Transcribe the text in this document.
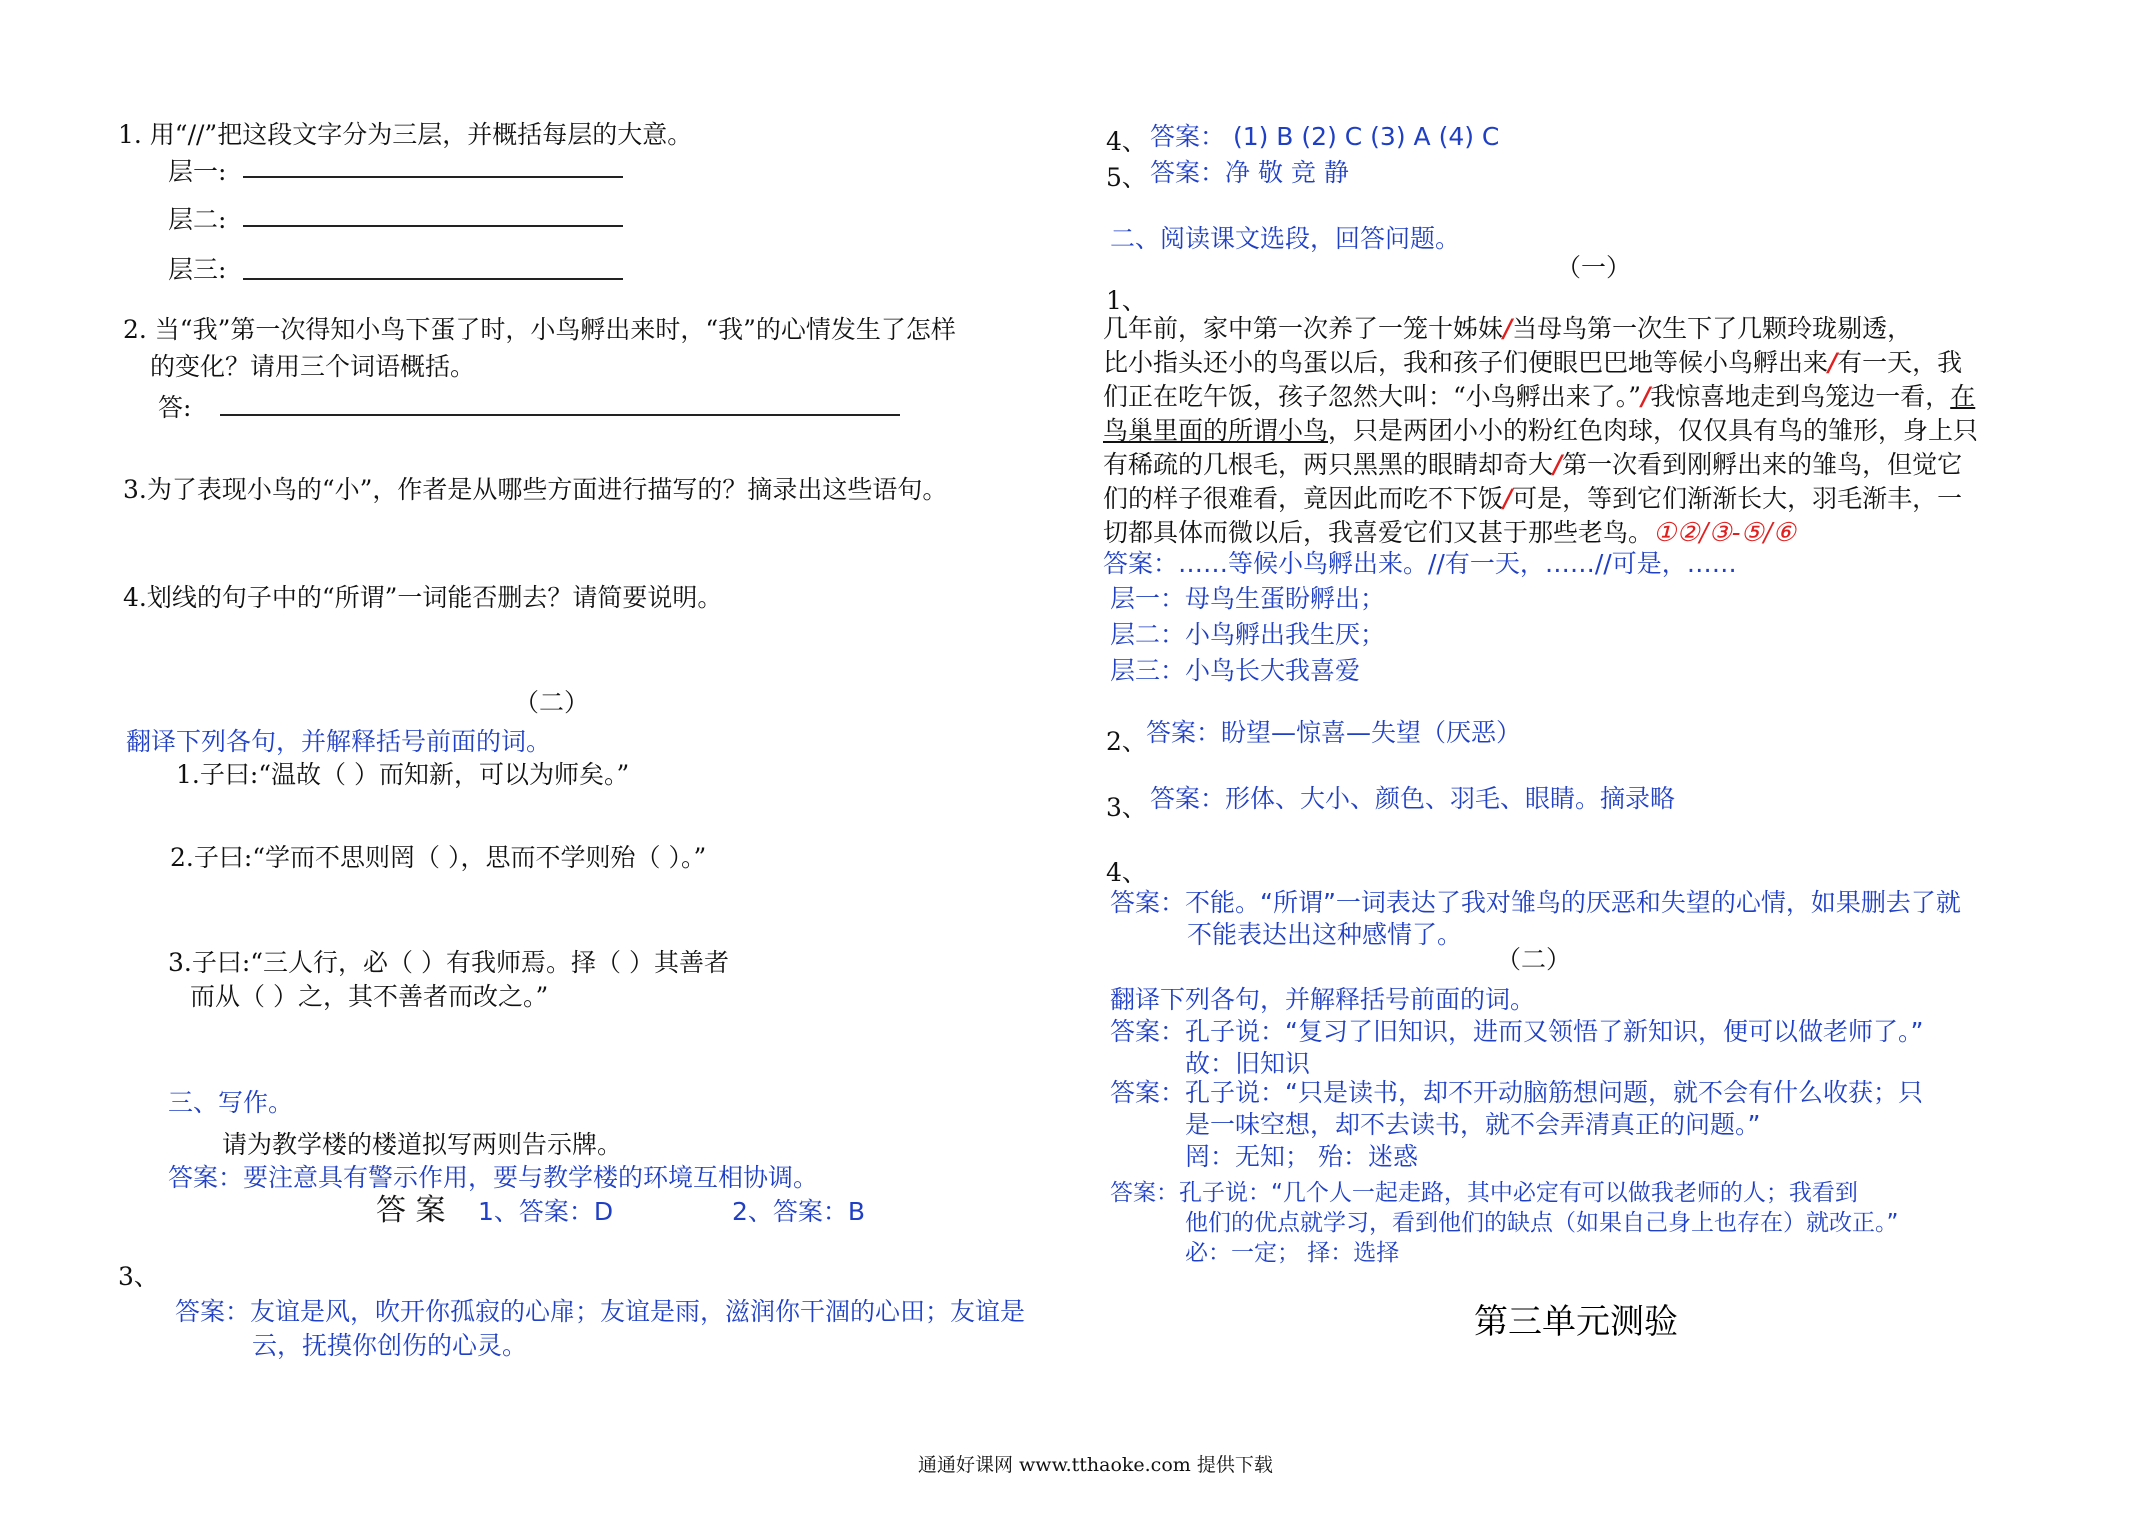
1. 用“//”把这段文字分为三层，并概括每层的大意。
层一:
层二:
层三:
2. 当“我”第一次得知小鸟下蛋了时，小鸟孵出来时，“我”的心情发生了怎样
的变化？请用三个词语概括。
答:
3.为了表现小鸟的“小”，作者是从哪些方面进行描写的？摘录出这些语句。
4.划线的句子中的“所谓”一词能否删去？请简要说明。
（二）
翻译下列各句，并解释括号前面的词。
1.子曰:“温故（ ）而知新，可以为师矣。”
2.子曰:“学而不思则罔（ ），思而不学则殆（ ）。”
3.子曰:“三人行，必（ ）有我师焉。择（ ）其善者
而从（ ）之，其不善者而改之。”
三、写作。
请为教学楼的楼道拟写两则告示牌。
答案：要注意具有警示作用，要与教学楼的环境互相协调。
答 案 1、答案：D	2、答案：B
3、
答案：友谊是风，吹开你孤寂的心扉；友谊是雨，滋润你干涸的心田；友谊是
云，抚摸你创伤的心灵。
4、 答案： (1) B (2) C (3) A (4) C
5、 答案：净 敬 竞 静
二、阅读课文选段，回答问题。
（一）
1、
几年前，家中第一次养了一笼十姊妹/当母鸟第一次生下了几颗玲珑剔透，
比小指头还小的鸟蛋以后，我和孩子们便眼巴巴地等候小鸟孵出来/有一天，我
们正在吃午饭，孩子忽然大叫：“小鸟孵出来了。”/我惊喜地走到鸟笼边一看，在
鸟巢里面的所谓小鸟，只是两团小小的粉红色肉球，仅仅具有鸟的雏形，身上只
有稀疏的几根毛，两只黑黑的眼睛却奇大/第一次看到刚孵出来的雏鸟，但觉它
们的样子很难看，竟因此而吃不下饭/可是，等到它们渐渐长大，羽毛渐丰，一
切都具体而微以后，我喜爱它们又甚于那些老鸟。①②/③-⑤/⑥
答案：……等候小鸟孵出来。//有一天，……//可是，……
层一：母鸟生蛋盼孵出；
层二：小鸟孵出我生厌；
层三：小鸟长大我喜爱
2、 答案：盼望—惊喜—失望（厌恶）
3、 答案：形体、大小、颜色、羽毛、眼睛。摘录略
4、
答案：不能。“所谓”一词表达了我对雏鸟的厌恶和失望的心情，如果删去了就
不能表达出这种感情了。
（二）
翻译下列各句，并解释括号前面的词。
答案：孔子说：“复习了旧知识，进而又领悟了新知识，便可以做老师了。”
故：旧知识
答案：孔子说：“只是读书，却不开动脑筋想问题，就不会有什么收获；只
是一味空想，却不去读书，就不会弄清真正的问题。”
罔：无知； 殆：迷惑
答案：孔子说：“几个人一起走路，其中必定有可以做我老师的人；我看到
他们的优点就学习，看到他们的缺点（如果自己身上也存在）就改正。”
必：一定； 择：选择
第三单元测验
通通好课网 www.tthaoke.com 提供下载
